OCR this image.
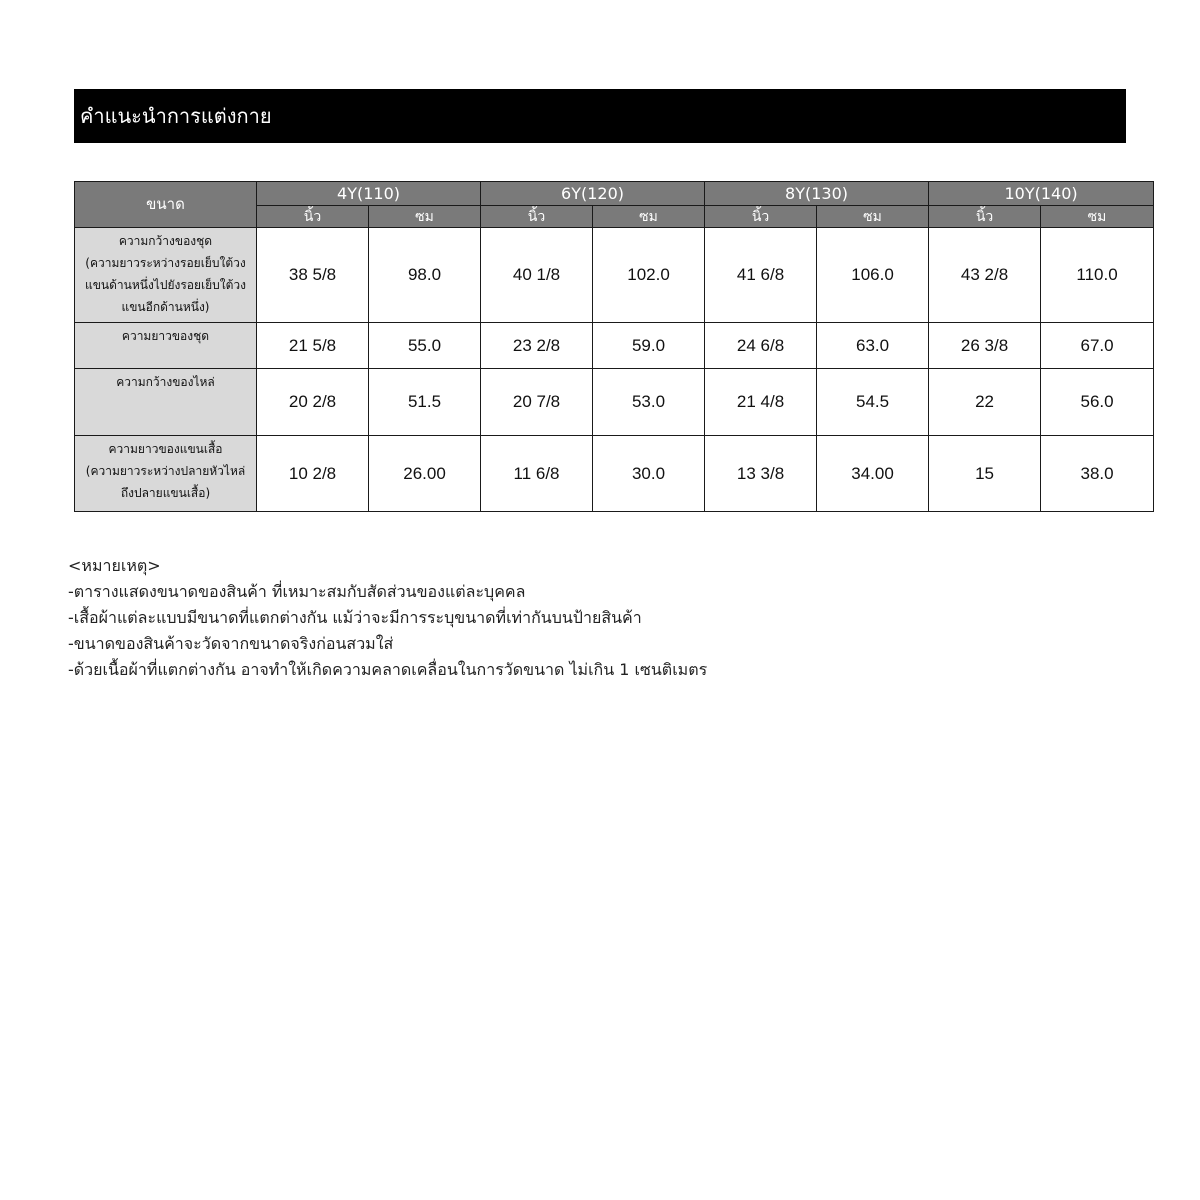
คำแนะนำการแต่งกาย
ขนาด	4Y(110)		6Y(120)		8Y(130)		10Y(140)	
	นิ้ว	ซม	นิ้ว	ซม	นิ้ว	ซม	นิ้ว	ซม

ความกว้างของชุด
(ความยาวระหว่างรอยเย็บใต้วง
แขนด้านหนึ่งไปยังรอยเย็บใต้วง
แขนอีกด้านหนึ่ง)	38 5/8	98.0	40 1/8	102.0	41 6/8	106.0	43 2/8	110.0

ความยาวของชุด	21 5/8	55.0	23 2/8	59.0	24 6/8	63.0	26 3/8	67.0

ความกว้างของไหล่	20 2/8	51.5	20 7/8	53.0	21 4/8	54.5	22	56.0

ความยาวของแขนเสื้อ
(ความยาวระหว่างปลายหัวไหล่
ถึงปลายแขนเสื้อ)	10 2/8	26.00	11 6/8	30.0	13 3/8	34.00	15	38.0
<หมายเหตุ>
-ตารางแสดงขนาดของสินค้า ที่เหมาะสมกับสัดส่วนของแต่ละบุคคล
-เสื้อผ้าแต่ละแบบมีขนาดที่แตกต่างกัน แม้ว่าจะมีการระบุขนาดที่เท่ากันบนป้ายสินค้า
-ขนาดของสินค้าจะวัดจากขนาดจริงก่อนสวมใส่
-ด้วยเนื้อผ้าที่แตกต่างกัน อาจทำให้เกิดความคลาดเคลื่อนในการวัดขนาด ไม่เกิน 1 เซนติเมตร
